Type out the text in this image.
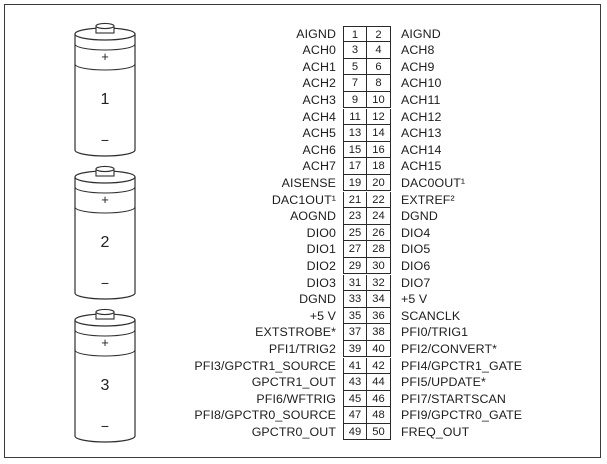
+
1
−
+
2
−
+
3
−
AIGND	1	2	AIGND
ACH0	3	4	ACH8
ACH1	5	6	ACH9
ACH2	7	8	ACH10
ACH3	9	10	ACH11
ACH4	11	12	ACH12
ACH5	13 14	ACH13
ACH6	15 16	ACH14
ACH7	17 18	ACH15
AISENSE	19 20	DAC0OUT¹
DAC1OUT¹	21 22	EXTREF²
AOGND	23 24	DGND
DIO0	25 26	DIO4
DIO1	27 28	DIO5
DIO2	29 30	DIO6
DIO3	31 32	DIO7
DGND	33 34	+5 V
+5 V	35 36	SCANCLK
EXTSTROBE*	37 38	PFI0/TRIG1
PFI1/TRIG2	39 40	PFI2/CONVERT*
PFI3/GPCTR1_SOURCE	41 42	PFI4/GPCTR1_GATE
GPCTR1_OUT	43 44	PFI5/UPDATE*
PFI6/WFTRIG	45 46	PFI7/STARTSCAN
PFI8/GPCTR0_SOURCE	47 48	PFI9/GPCTR0_GATE
GPCTR0_OUT	49 50	FREQ_OUT
